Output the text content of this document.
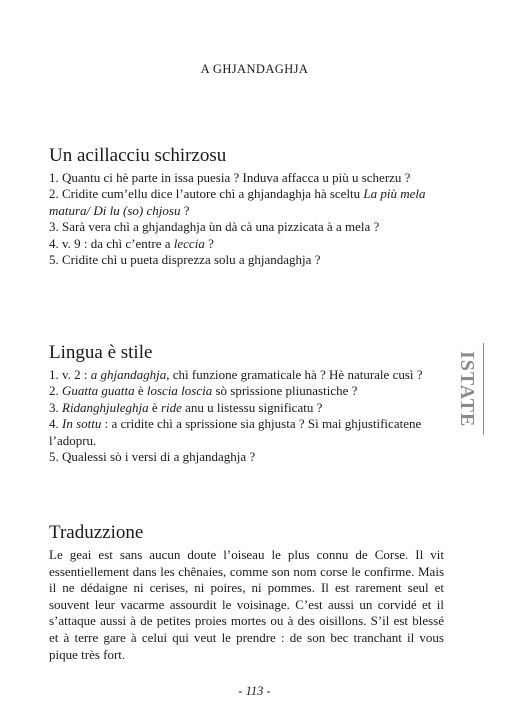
A GHJANDAGHJA
Un acillacciu schirzosu
1. Quantu ci hè parte in issa puesia ? Induva affacca u più u scherzu ?
2. Cridite cum’ellu dice l’autore chì a ghjandaghja hà sceltu La più mela matura/ Di lu (so) chjosu ?
3. Sarà vera chì a ghjandaghja ùn dà cà una pizzicata à a mela ?
4. v. 9 : da chì c’entre a leccia ?
5. Cridite chì u pueta disprezza solu a ghjandaghja ?
Lingua è stile
1. v. 2 : a ghjandaghja, chì funzione gramaticale hà ? Hè naturale cusì ?
2. Guatta guatta è loscia loscia sò sprissione pliunastiche ?
3. Ridanghjuleghja è ride anu u listessu significatu ?
4. In sottu : a cridite chì a sprissione sia ghjusta ? Sì mai ghjustificatene l’adopru.
5. Qualessi sò i versi di a ghjandaghja ?
Traduzzione

Le geai est sans aucun doute l’oiseau le plus connu de Corse. Il vit essentiellement dans les chênaies, comme son nom corse le confirme. Mais il ne dédaigne ni cerises, ni poires, ni pommes. Il est rarement seul et souvent leur vacarme assourdit le voisinage. C’est aussi un corvidé et il s’attaque aussi à de petites proies mortes ou à des oisillons. S’il est blessé et à terre gare à celui qui veut le prendre : de son bec tranchant il vous pique très fort.

ISTATE
- 113 -
